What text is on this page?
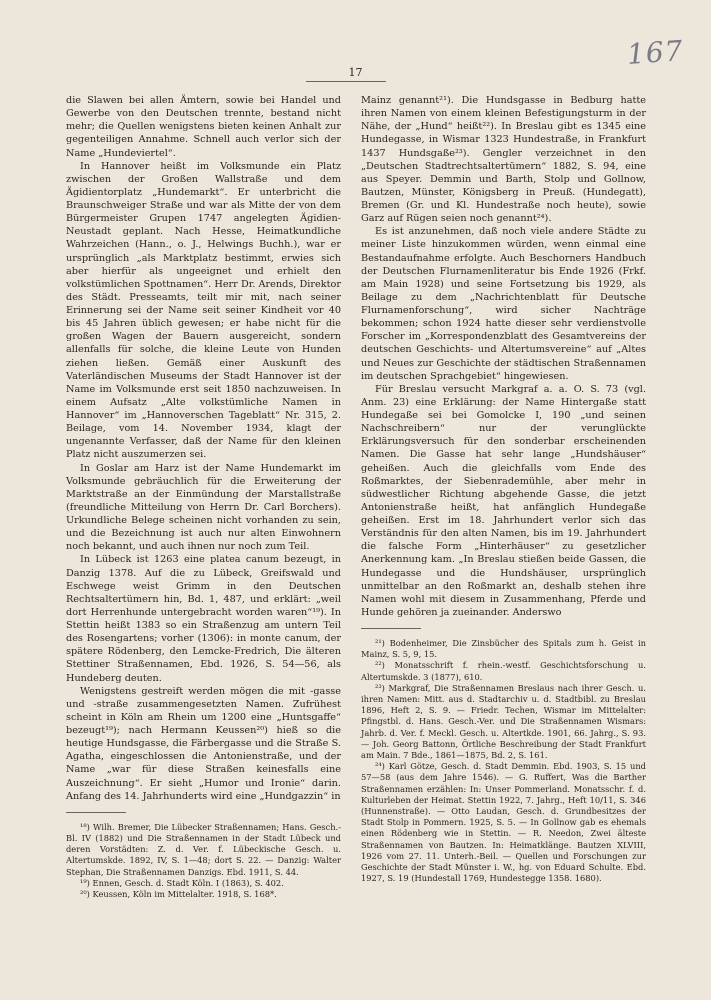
167
17

die Slawen bei allen Ämtern, sowie bei Handel und Gewerbe von den Deutschen trennte, bestand nicht mehr; die Quellen wenigstens bieten keinen Anhalt zur gegenteiligen Annahme. Schnell auch verlor sich der Name „Hundeviertel“.

In Hannover heißt im Volksmunde ein Platz zwischen der Großen Wallstraße und dem Ägidientorplatz „Hundemarkt“. Er unterbricht die Braunschweiger Straße und war als Mitte der von dem Bürgermeister Grupen 1747 angelegten Ägidien-Neustadt geplant. Nach Hesse, Heimatkundliche Wahrzeichen (Hann., o. J., Helwings Buchh.), war er ursprünglich „als Marktplatz bestimmt, erwies sich aber hierfür als ungeeignet und erhielt den volkstümlichen Spottnamen“. Herr Dr. Arends, Direktor des Städt. Presseamts, teilt mir mit, nach seiner Erinnerung sei der Name seit seiner Kindheit vor 40 bis 45 Jahren üblich gewesen; er habe nicht für die großen Wagen der Bauern ausgereicht, sondern allenfalls für solche, die kleine Leute von Hunden ziehen ließen. Gemäß einer Auskunft des Vaterländischen Museums der Stadt Hannover ist der Name im Volksmunde erst seit 1850 nachzuweisen. In einem Aufsatz „Alte volkstümliche Namen in Hannover“ im „Hannoverschen Tageblatt“ Nr. 315, 2. Beilage, vom 14. November 1934, klagt der ungenannte Verfasser, daß der Name für den kleinen Platz nicht auszumerzen sei.

In Goslar am Harz ist der Name Hundemarkt im Volksmunde gebräuchlich für die Erweiterung der Marktstraße an der Einmündung der Marstallstraße (freundliche Mitteilung von Herrn Dr. Carl Borchers). Urkundliche Belege scheinen nicht vorhanden zu sein, und die Bezeichnung ist auch nur alten Einwohnern noch bekannt, und auch ihnen nur noch zum Teil.

In Lübeck ist 1263 eine platea canum bezeugt, in Danzig 1378. Auf die zu Lübeck, Greifswald und Eschwege weist Grimm in den Deutschen Rechtsaltertümern hin, Bd. 1, 487, und erklärt: „weil dort Herrenhunde untergebracht worden waren“¹⁹). In Stettin heißt 1383 so ein Straßenzug am untern Teil des Rosengartens; vorher (1306): in monte canum, der spätere Rödenberg, den Lemcke-Fredrich, Die älteren Stettiner Straßennamen, Ebd. 1926, S. 54—56, als Hundeberg deuten.

Wenigstens gestreift werden mögen die mit -gasse und -straße zusammengesetzten Namen. Zufrühest scheint in Köln am Rhein um 1200 eine „Huntsgaffe“ bezeugt¹⁹); nach Hermann Keussen²⁰) hieß so die heutige Hundsgasse, die Färbergasse und die Straße S. Agatha, eingeschlossen die Antonienstraße, und der Name „war für diese Straßen keinesfalls eine Auszeichnung“. Er sieht „Humor und Ironie“ darin. Anfang des 14. Jahrhunderts wird eine „Hundgazzin“ in

¹⁸) Wilh. Bremer, Die Lübecker Straßennamen; Hans. Gesch.-Bl. IV (1882) und Die Straßennamen in der Stadt Lübeck und deren Vorstädten: Z. d. Ver. f. Lübeckische Gesch. u. Altertumskde. 1892, IV, S. 1—48; dort S. 22. — Danzig: Walter Stephan, Die Straßennamen Danzigs. Ebd. 1911, S. 44.

¹⁹) Ennen, Gesch. d. Stadt Köln. I (1863), S. 402.

²⁰) Keussen, Köln im Mittelalter. 1918, S. 168*.

Mainz genannt²¹). Die Hundsgasse in Bedburg hatte ihren Namen von einem kleinen Befestigungsturm in der Nähe, der „Hund“ heißt²²). In Breslau gibt es 1345 eine Hundegasse, in Wismar 1323 Hundestraße, in Frankfurt 1437 Hundsgaße²³). Gengler verzeichnet in den „Deutschen Stadtrechtsaltertümern“ 1882, S. 94, eine aus Speyer. Demmin und Barth, Stolp und Gollnow, Bautzen, Münster, Königsberg in Preuß. (Hundegatt), Bremen (Gr. und Kl. Hundestraße noch heute), sowie Garz auf Rügen seien noch genannt²⁴).

Es ist anzunehmen, daß noch viele andere Städte zu meiner Liste hinzukommen würden, wenn einmal eine Bestandaufnahme erfolgte. Auch Beschorners Handbuch der Deutschen Flurnamenliteratur bis Ende 1926 (Frkf. am Main 1928) und seine Fortsetzung bis 1929, als Beilage zu dem „Nachrichtenblatt für Deutsche Flurnamenforschung“, wird sicher Nachträge bekommen; schon 1924 hatte dieser sehr verdienstvolle Forscher im „Korrespondenzblatt des Gesamtvereins der deutschen Geschichts- und Altertumsvereine“ auf „Altes und Neues zur Geschichte der städtischen Straßennamen im deutschen Sprachgebiet“ hingewiesen.

Für Breslau versucht Markgraf a. a. O. S. 73 (vgl. Anm. 23) eine Erklärung: der Name Hintergaße statt Hundegaße sei bei Gomolcke I, 190 „und seinen Nachschreibern“ nur der verunglückte Erklärungsversuch für den sonderbar erscheinenden Namen. Die Gasse hat sehr lange „Hundshäuser“ geheißen. Auch die gleichfalls vom Ende des Roßmarktes, der Siebenrademühle, aber mehr in südwestlicher Richtung abgehende Gasse, die jetzt Antonienstraße heißt, hat anfänglich Hundegaße geheißen. Erst im 18. Jahrhundert verlor sich das Verständnis für den alten Namen, bis im 19. Jahrhundert die falsche Form „Hinterhäuser“ zu gesetzlicher Anerkennung kam. „In Breslau stießen beide Gassen, die Hundegasse und die Hundshäuser, ursprünglich unmittelbar an den Roßmarkt an, deshalb stehen ihre Namen wohl mit diesem in Zusammenhang, Pferde und Hunde gehören ja zueinander. Anderswo

²¹) Bodenheimer, Die Zinsbücher des Spitals zum h. Geist in Mainz, S. 5, 9, 15.

²²) Monatsschrift f. rhein.-westf. Geschichtsforschung u. Altertumskde. 3 (1877), 610.

²³) Markgraf, Die Straßennamen Breslaus nach ihrer Gesch. u. ihren Namen: Mitt. aus d. Stadtarchiv u. d. Stadtbibl. zu Breslau 1896, Heft 2, S. 9. — Friedr. Techen, Wismar im Mittelalter: Pfingstbl. d. Hans. Gesch.-Ver. und Die Straßennamen Wismars: Jahrb. d. Ver. f. Meckl. Gesch. u. Altertkde. 1901, 66. Jahrg., S. 93. — Joh. Georg Battonn, Örtliche Beschreibung der Stadt Frankfurt am Main. 7 Bde., 1861—1875, Bd. 2, S. 161.

²⁴) Karl Götze, Gesch. d. Stadt Demmin. Ebd. 1903, S. 15 und 57—58 (aus dem Jahre 1546). — G. Ruffert, Was die Barther Straßennamen erzählen: In: Unser Pommerland. Monatsschr. f. d. Kulturleben der Heimat. Stettin 1922, 7. Jahrg., Heft 10/11, S. 346 (Hunnenstraße). — Otto Laudan, Gesch. d. Grundbesitzes der Stadt Stolp in Pommern. 1925, S. 5. — In Gollnow gab es ehemals einen Rödenberg wie in Stettin. — R. Needon, Zwei älteste Straßennamen von Bautzen. In: Heimatklänge. Bautzen XLVIII, 1926 vom 27. 11. Unterh.-Beil. — Quellen und Forschungen zur Geschichte der Stadt Münster i. W., hg. von Eduard Schulte. Ebd. 1927, S. 19 (Hundestall 1769, Hundestegge 1358. 1680).
